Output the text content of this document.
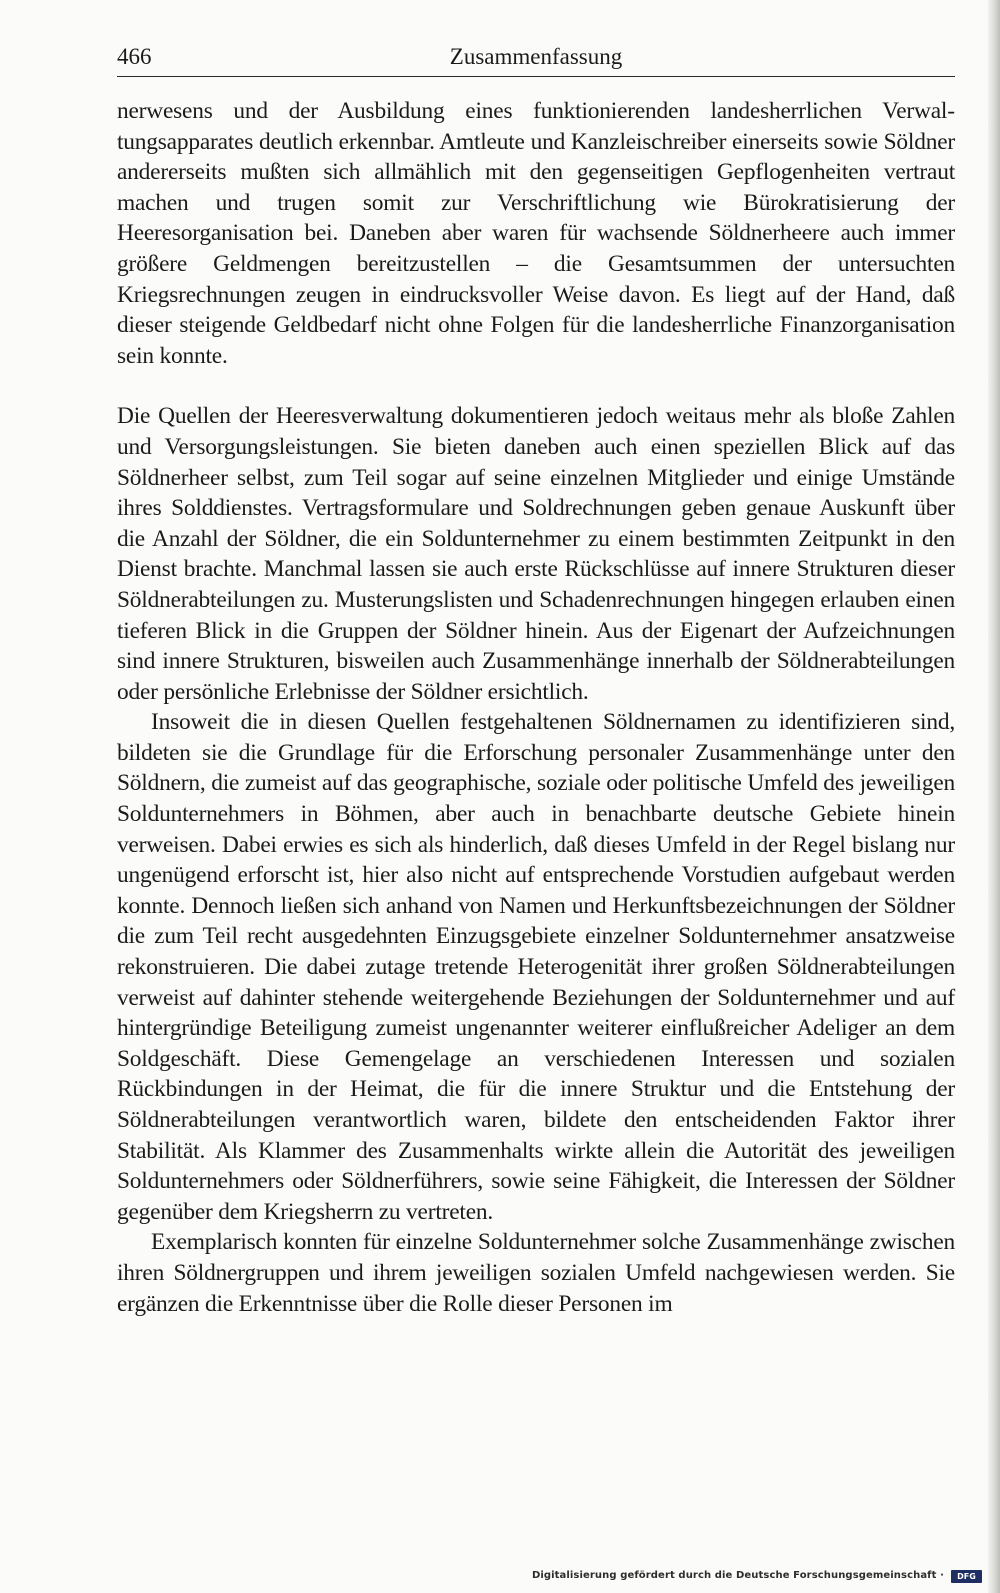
466	Zusammenfassung

nerwesens und der Ausbildung eines funktionierenden landesherrlichen Verwaltungsapparates deutlich erkennbar. Amtleute und Kanzleischreiber einerseits sowie Söldner andererseits mußten sich allmählich mit den gegenseitigen Gepflogenheiten vertraut machen und trugen somit zur Verschriftlichung wie Bürokratisierung der Heeresorganisation bei. Daneben aber waren für wachsende Söldnerheere auch immer größere Geldmengen bereitzustellen – die Gesamtsummen der untersuchten Kriegsrechnungen zeugen in eindrucksvoller Weise davon. Es liegt auf der Hand, daß dieser steigende Geldbedarf nicht ohne Folgen für die landesherrliche Finanzorganisation sein konnte.

Die Quellen der Heeresverwaltung dokumentieren jedoch weitaus mehr als bloße Zahlen und Versorgungsleistungen. Sie bieten daneben auch einen speziellen Blick auf das Söldnerheer selbst, zum Teil sogar auf seine einzelnen Mitglieder und einige Umstände ihres Solddienstes. Vertragsformulare und Soldrechnungen geben genaue Auskunft über die Anzahl der Söldner, die ein Soldunternehmer zu einem bestimmten Zeitpunkt in den Dienst brachte. Manchmal lassen sie auch erste Rückschlüsse auf innere Strukturen dieser Söldnerabteilungen zu. Musterungslisten und Schadenrechnungen hingegen erlauben einen tieferen Blick in die Gruppen der Söldner hinein. Aus der Eigenart der Aufzeichnungen sind innere Strukturen, bisweilen auch Zusammenhänge innerhalb der Söldnerabteilungen oder persönliche Erlebnisse der Söldner ersichtlich.

Insoweit die in diesen Quellen festgehaltenen Söldnernamen zu identifizieren sind, bildeten sie die Grundlage für die Erforschung personaler Zusammenhänge unter den Söldnern, die zumeist auf das geographische, soziale oder politische Umfeld des jeweiligen Soldunternehmers in Böhmen, aber auch in benachbarte deutsche Gebiete hinein verweisen. Dabei erwies es sich als hinderlich, daß dieses Umfeld in der Regel bislang nur ungenügend erforscht ist, hier also nicht auf entsprechende Vorstudien aufgebaut werden konnte. Dennoch ließen sich anhand von Namen und Herkunftsbezeichnungen der Söldner die zum Teil recht ausgedehnten Einzugsgebiete einzelner Soldunternehmer ansatzweise rekonstruieren. Die dabei zutage tretende Heterogenität ihrer großen Söldnerabteilungen verweist auf dahinter stehende weitergehende Beziehungen der Soldunternehmer und auf hintergründige Beteiligung zumeist ungenannter weiterer einflußreicher Adeliger an dem Soldgeschäft. Diese Gemengelage an verschiedenen Interessen und sozialen Rückbindungen in der Heimat, die für die innere Struktur und die Entstehung der Söldnerabteilungen verantwortlich waren, bildete den entscheidenden Faktor ihrer Stabilität. Als Klammer des Zusammenhalts wirkte allein die Autorität des jeweiligen Soldunternehmers oder Söldnerführers, sowie seine Fähigkeit, die Interessen der Söldner gegenüber dem Kriegsherrn zu vertreten.

Exemplarisch konnten für einzelne Soldunternehmer solche Zusammenhänge zwischen ihren Söldnergruppen und ihrem jeweiligen sozialen Umfeld nachgewiesen werden. Sie ergänzen die Erkenntnisse über die Rolle dieser Personen im

Digitalisierung gefördert durch die Deutsche Forschungsgemeinschaft ·	DFG
